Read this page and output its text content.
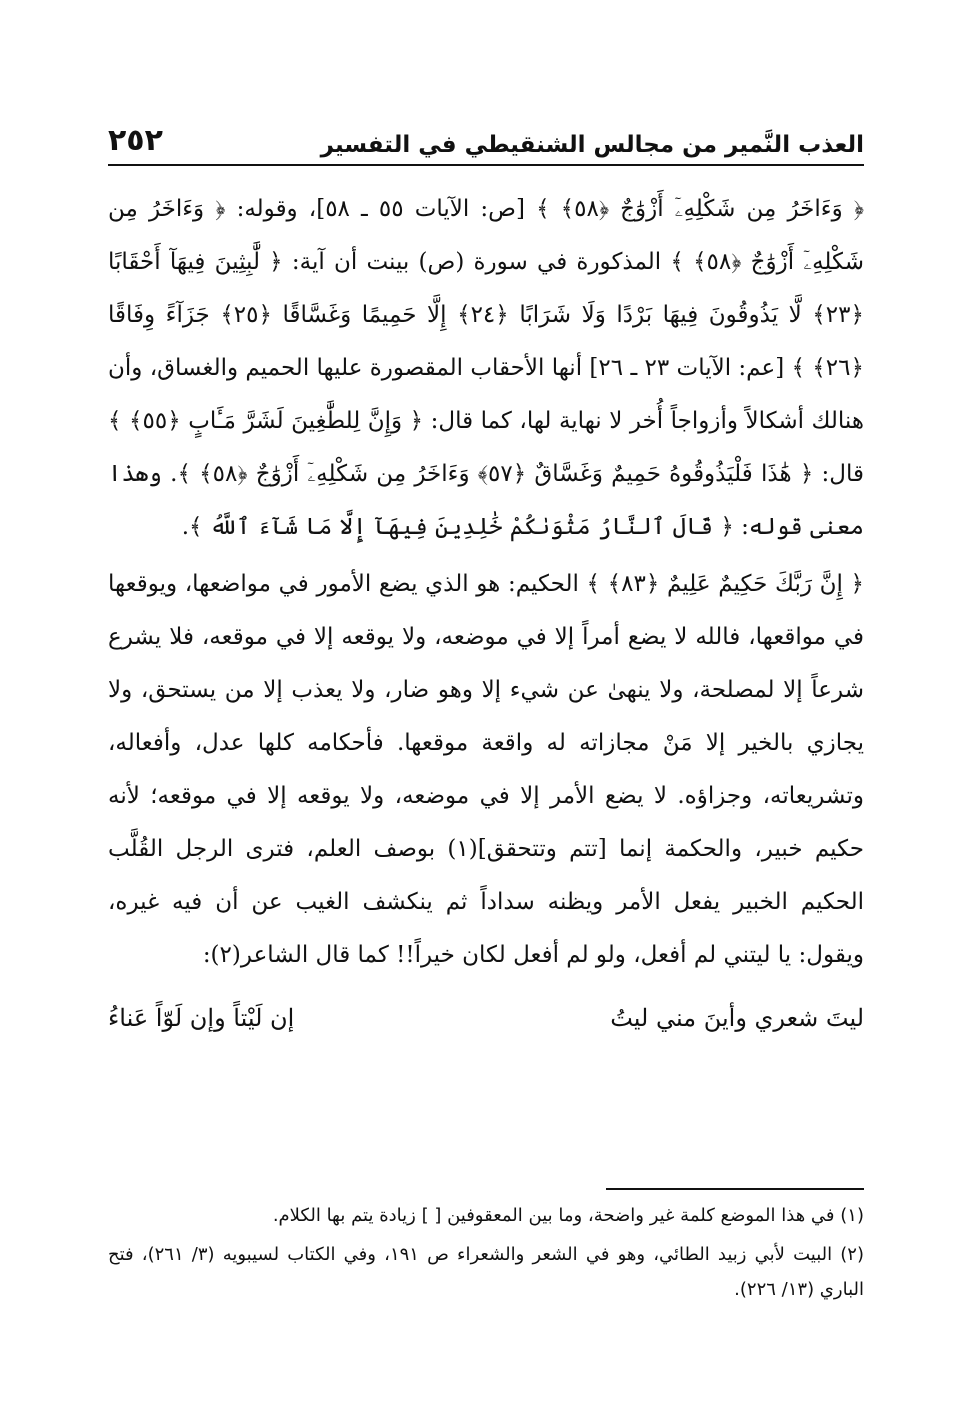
العذب النَّمير من مجالس الشنقيطي في التفسير
٢٥٢

﴿ وَءَاخَرُ مِن شَكْلِهِۦٓ أَزْوَٰجٌ ﴿٥٨﴾ ﴾ [ص: الآيات ٥٥ ـ ٥٨]، وقوله: ﴿ وَءَاخَرُ مِن شَكْلِهِۦٓ أَزْوَٰجٌ ﴿٥٨﴾ ﴾ المذكورة في سورة (ص) بينت أن آية: ﴿ لَّٰبِثِينَ فِيهَآ أَحْقَابًا ﴿٢٣﴾ لَّا يَذُوقُونَ فِيهَا بَرْدًا وَلَا شَرَابًا ﴿٢٤﴾ إِلَّا حَمِيمًا وَغَسَّاقًا ﴿٢٥﴾ جَزَآءً وِفَاقًا ﴿٢٦﴾ ﴾ [عم: الآيات ٢٣ ـ ٢٦] أنها الأحقاب المقصورة عليها الحميم والغساق، وأن هنالك أشكالاً وأزواجاً أُخر لا نهاية لها، كما قال: ﴿ وَإِنَّ لِلطَّٰغِينَ لَشَرَّ مَـَٔابٍ ﴿٥٥﴾ ﴾ قال: ﴿ هَٰذَا فَلْيَذُوقُوهُ حَمِيمٌ وَغَسَّاقٌ ﴿٥٧﴾ وَءَاخَرُ مِن شَكْلِهِۦٓ أَزْوَٰجٌ ﴿٥٨﴾ ﴾. وهذا معنى قوله: ﴿ قَالَ ٱلنَّارُ مَثْوَىٰكُمْ خَٰلِدِينَ فِيهَآ إِلَّا مَا شَآءَ ٱللَّهُ ﴾.

﴿ إِنَّ رَبَّكَ حَكِيمٌ عَلِيمٌ ﴿٨٣﴾ ﴾ الحكيم: هو الذي يضع الأمور في مواضعها، ويوقعها في مواقعها، فالله لا يضع أمراً إلا في موضعه، ولا يوقعه إلا في موقعه، فلا يشرع شرعاً إلا لمصلحة، ولا ينهىٰ عن شيء إلا وهو ضار، ولا يعذب إلا من يستحق، ولا يجازي بالخير إلا مَنْ مجازاته له واقعة موقعها. فأحكامه كلها عدل، وأفعاله، وتشريعاته، وجزاؤه. لا يضع الأمر إلا في موضعه، ولا يوقعه إلا في موقعه؛ لأنه حكيم خبير، والحكمة إنما [تتم وتتحقق](١) بوصف العلم، فترى الرجل القُلَّب الحكيم الخبير يفعل الأمر ويظنه سداداً ثم ينكشف الغيب عن أن فيه غيره، ويقول: يا ليتني لم أفعل، ولو لم أفعل لكان خيراً!! كما قال الشاعر(٢):

ليتَ شعري وأينَ مني ليتُ
إن لَيْتاً وإن لَوّاً عَناءُ

(١) في هذا الموضع كلمة غير واضحة، وما بين المعقوفين [ ] زيادة يتم بها الكلام.

(٢) البيت لأبي زبيد الطائي، وهو في الشعر والشعراء ص ١٩١، وفي الكتاب لسيبويه (٣/ ٢٦١)، فتح الباري (١٣/ ٢٢٦).
